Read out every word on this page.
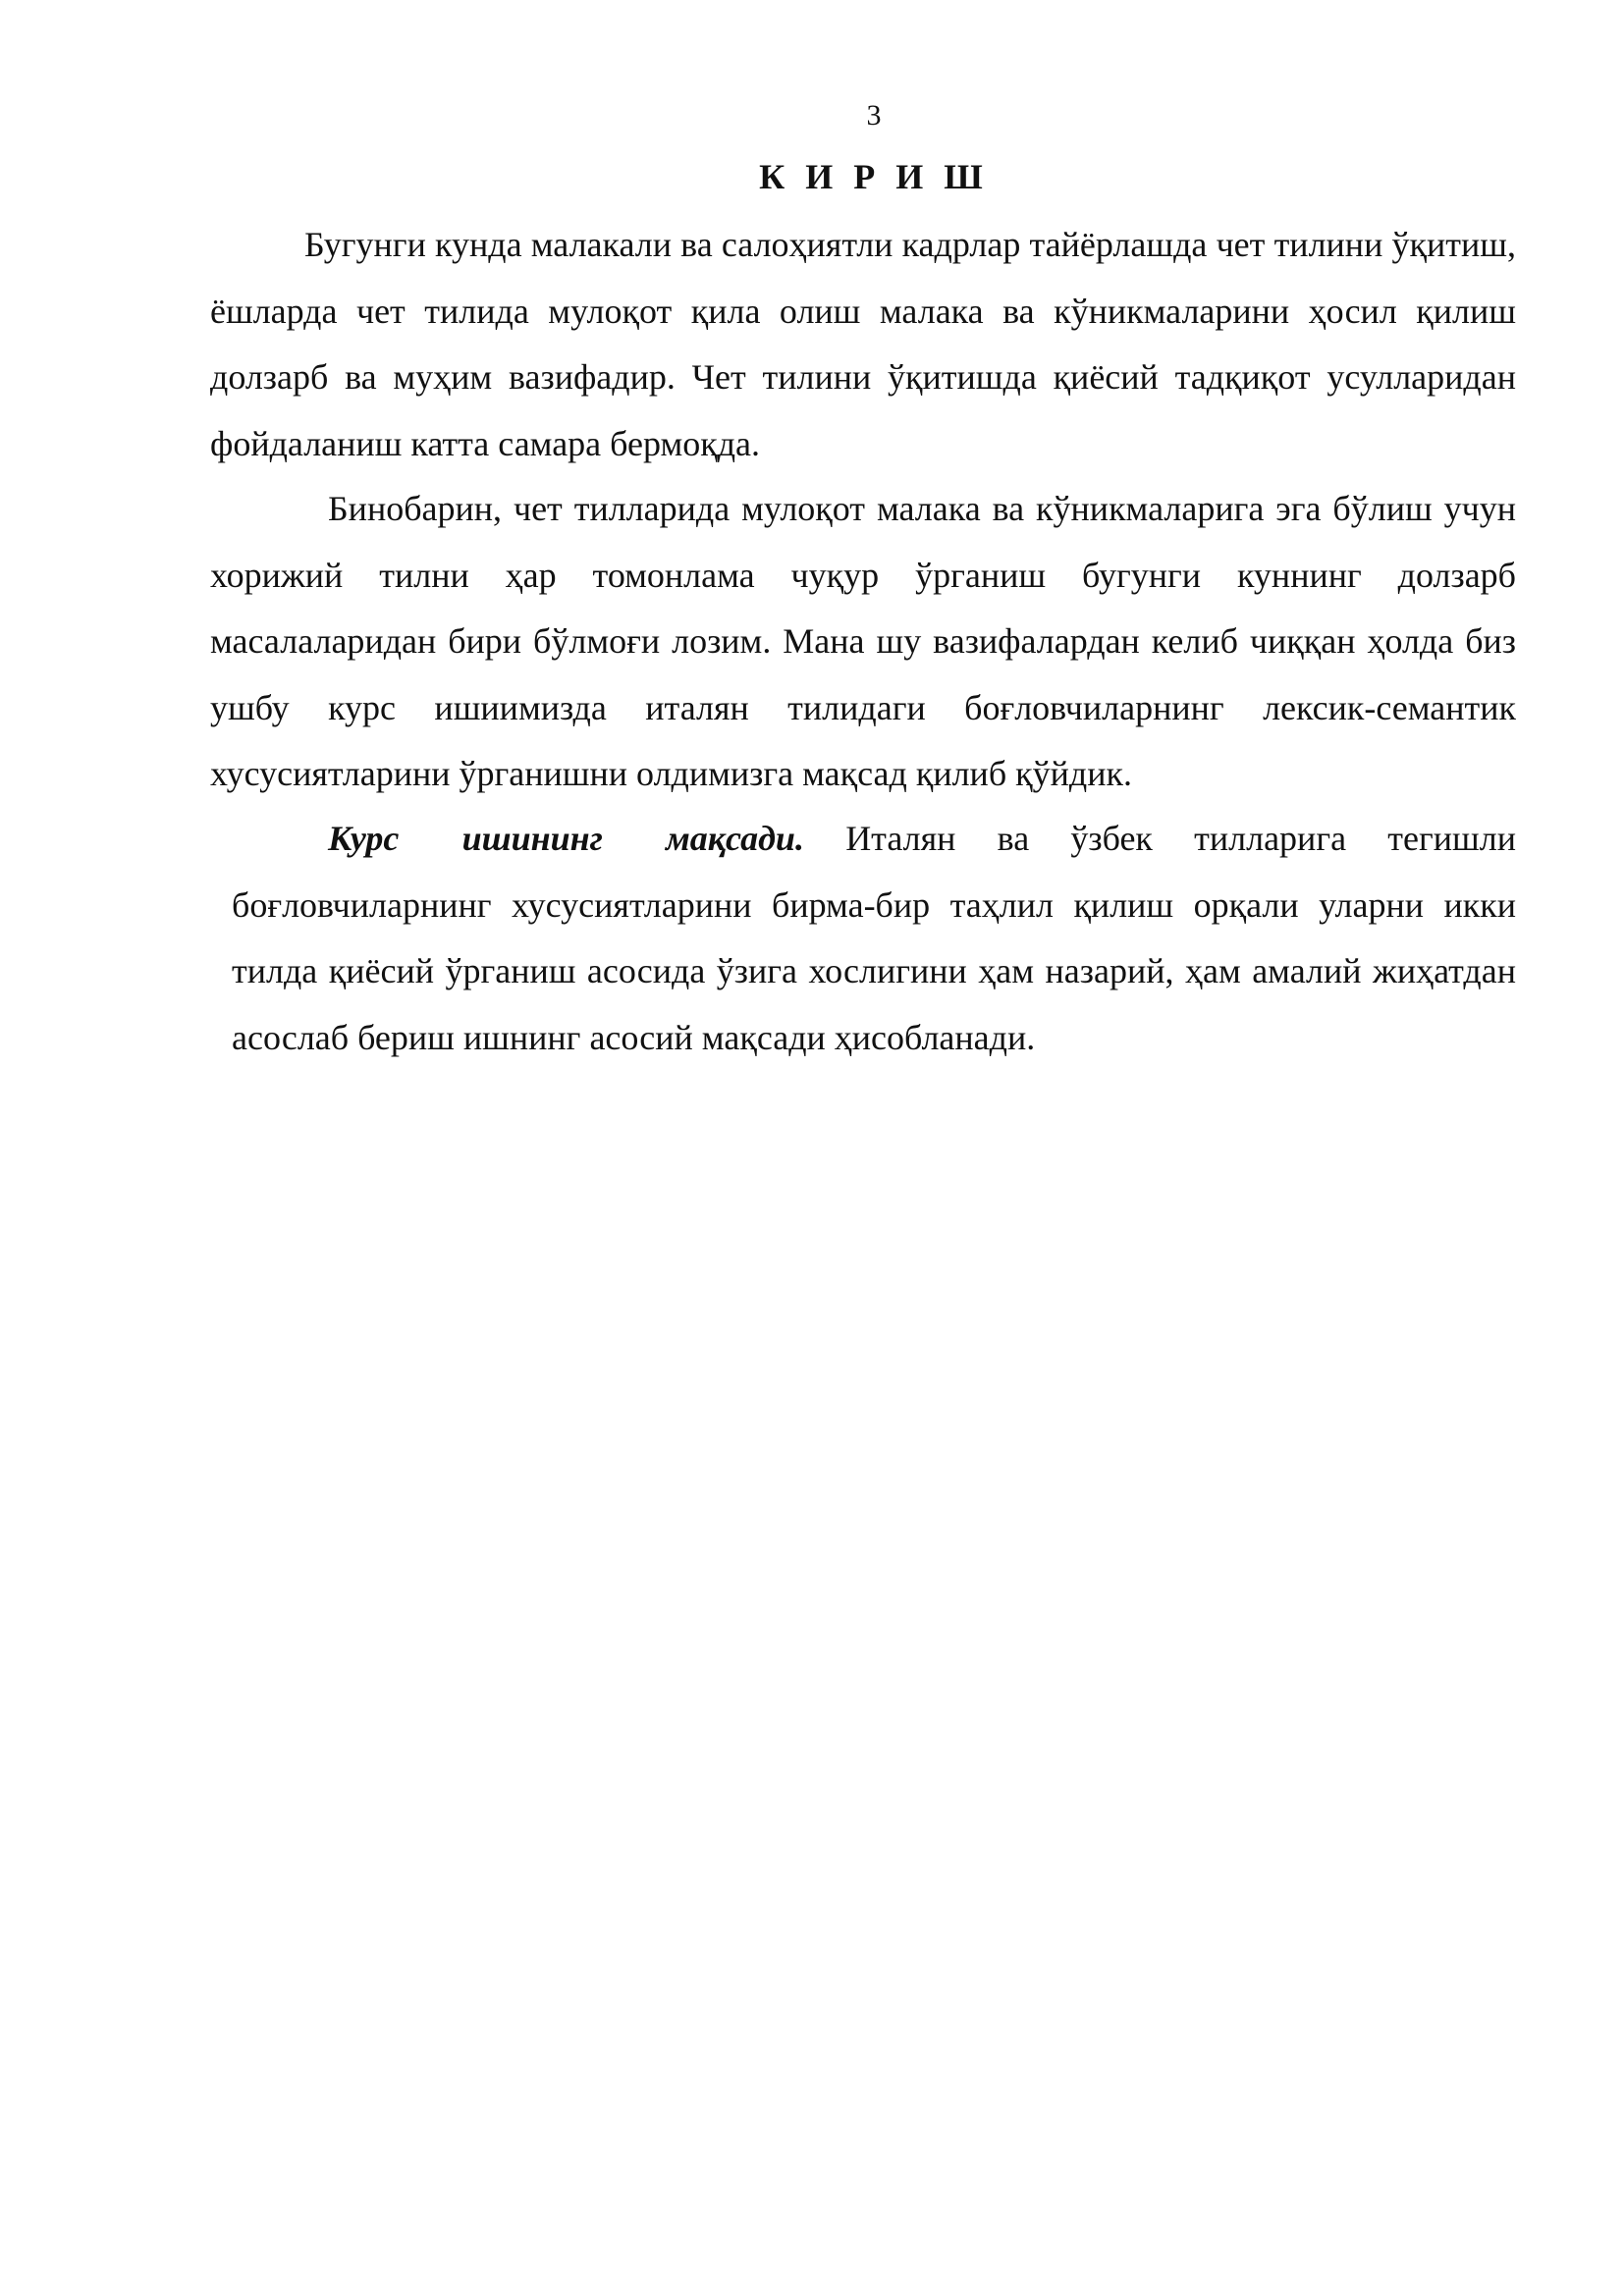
3
К И Р И Ш

Бугунги кунда малакали ва салоҳиятли кадрлар тайёрлашда чет тилини ўқитиш, ёшларда чет тилида мулоқот қила олиш малака ва кўникмаларини ҳосил қилиш долзарб ва муҳим вазифадир. Чет тилини ўқитишда қиёсий тадқиқот усулларидан фойдаланиш катта самара бермоқда.

Бинобарин, чет тилларида мулоқот малака ва кўникмаларига эга бўлиш учун хорижий тилни ҳар томонлама чуқур ўрганиш бугунги куннинг долзарб масалаларидан бири бўлмоғи лозим. Мана шу вазифалардан келиб чиққан ҳолда биз ушбу курс ишиимизда италян тилидаги боғловчиларнинг лексик-семантик хусусиятларини ўрганишни олдимизга мақсад қилиб қўйдик.

Курс ишининг мақсади. Италян ва ўзбек тилларига тегишли боғловчиларнинг хусусиятларини бирма-бир таҳлил қилиш орқали уларни икки тилда қиёсий ўрганиш асосида ўзига хослигини ҳам назарий, ҳам амалий жиҳатдан асослаб бериш ишнинг асосий мақсади ҳисобланади.
